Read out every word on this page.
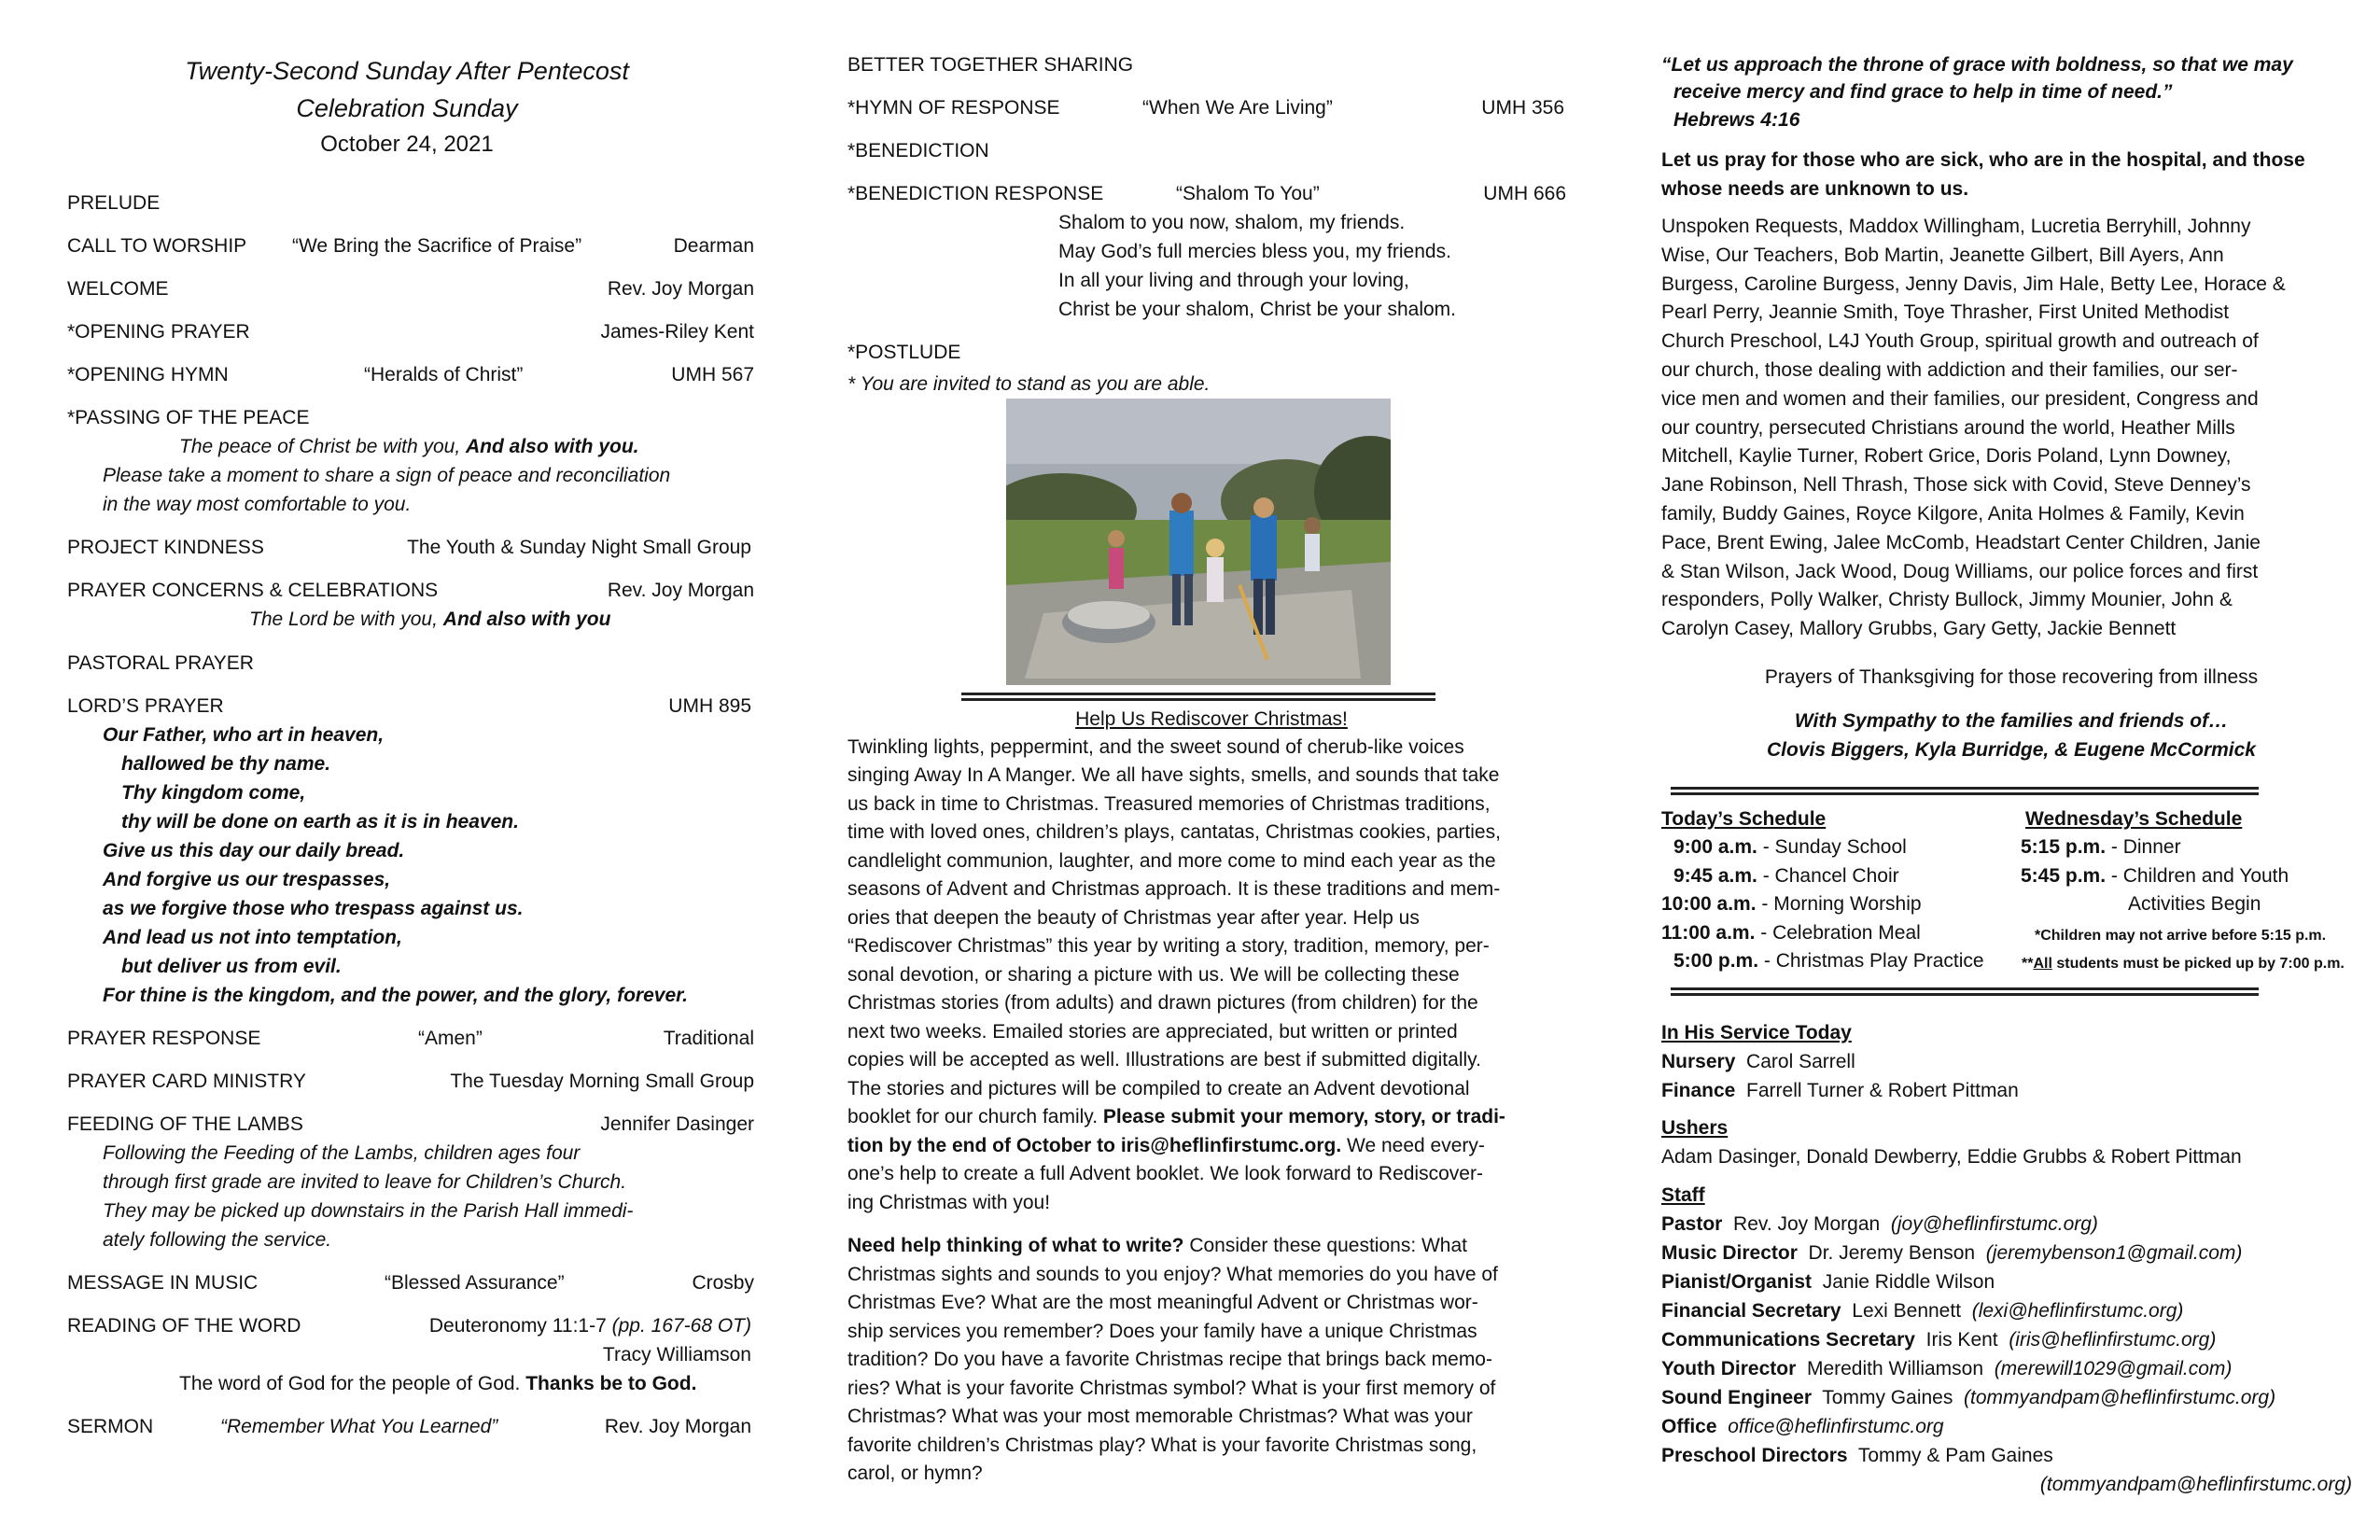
Twenty-Second Sunday After Pentecost
Celebration Sunday
October 24, 2021
PRELUDE
CALL TO WORSHIP “We Bring the Sacrifice of Praise”	Dearman
WELCOME	Rev. Joy Morgan
*OPENING PRAYER	James-Riley Kent
*OPENING HYMN	“Heralds of Christ”	UMH 567
*PASSING OF THE PEACE
The peace of Christ be with you, And also with you.
Please take a moment to share a sign of peace and reconciliation
in the way most comfortable to you.
PROJECT KINDNESS	The Youth & Sunday Night Small Group
PRAYER CONCERNS & CELEBRATIONS	Rev. Joy Morgan
The Lord be with you, And also with you
PASTORAL PRAYER
LORD’S PRAYER	UMH 895
Our Father, who art in heaven,
hallowed be thy name.
Thy kingdom come,
thy will be done on earth as it is in heaven.
Give us this day our daily bread.
And forgive us our trespasses,
as we forgive those who trespass against us.
And lead us not into temptation,
but deliver us from evil.
For thine is the kingdom, and the power, and the glory, forever.
PRAYER RESPONSE	“Amen”	Traditional
PRAYER CARD MINISTRY	The Tuesday Morning Small Group
FEEDING OF THE LAMBS	Jennifer Dasinger
Following the Feeding of the Lambs, children ages four
through first grade are invited to leave for Children’s Church.
They may be picked up downstairs in the Parish Hall immedi-
ately following the service.
MESSAGE IN MUSIC	“Blessed Assurance”	Crosby
READING OF THE WORD	Deuteronomy 11:1-7 (pp. 167-68 OT)
Tracy Williamson
The word of God for the people of God. Thanks be to God.
SERMON	“Remember What You Learned”	Rev. Joy Morgan
BETTER TOGETHER SHARING
*HYMN OF RESPONSE	“When We Are Living”	UMH 356
*BENEDICTION
*BENEDICTION RESPONSE	“Shalom To You”	UMH 666
Shalom to you now, shalom, my friends.
May God’s full mercies bless you, my friends.
In all your living and through your loving,
Christ be your shalom, Christ be your shalom.
*POSTLUDE
* You are invited to stand as you are able.
Help Us Rediscover Christmas!
Twinkling lights, peppermint, and the sweet sound of cherub-like voices
singing Away In A Manger. We all have sights, smells, and sounds that take
us back in time to Christmas. Treasured memories of Christmas traditions,
time with loved ones, children’s plays, cantatas, Christmas cookies, parties,
candlelight communion, laughter, and more come to mind each year as the
seasons of Advent and Christmas approach. It is these traditions and mem-
ories that deepen the beauty of Christmas year after year. Help us
“Rediscover Christmas” this year by writing a story, tradition, memory, per-
sonal devotion, or sharing a picture with us. We will be collecting these
Christmas stories (from adults) and drawn pictures (from children) for the
next two weeks. Emailed stories are appreciated, but written or printed
copies will be accepted as well. Illustrations are best if submitted digitally.
The stories and pictures will be compiled to create an Advent devotional
booklet for our church family. Please submit your memory, story, or tradi-
tion by the end of October to iris@heflinfirstumc.org. We need every-
one’s help to create a full Advent booklet. We look forward to Rediscover-
ing Christmas with you!
Need help thinking of what to write? Consider these questions: What
Christmas sights and sounds to you enjoy? What memories do you have of
Christmas Eve? What are the most meaningful Advent or Christmas wor-
ship services you remember? Does your family have a unique Christmas
tradition? Do you have a favorite Christmas recipe that brings back memo-
ries? What is your favorite Christmas symbol? What is your first memory of
Christmas? What was your most memorable Christmas? What was your
favorite children’s Christmas play? What is your favorite Christmas song,
carol, or hymn?
“Let us approach the throne of grace with boldness, so that we may
receive mercy and find grace to help in time of need.”
Hebrews 4:16
Let us pray for those who are sick, who are in the hospital, and those
whose needs are unknown to us.
Unspoken Requests, Maddox Willingham, Lucretia Berryhill, Johnny
Wise, Our Teachers, Bob Martin, Jeanette Gilbert, Bill Ayers, Ann
Burgess, Caroline Burgess, Jenny Davis, Jim Hale, Betty Lee, Horace &
Pearl Perry, Jeannie Smith, Toye Thrasher, First United Methodist
Church Preschool, L4J Youth Group, spiritual growth and outreach of
our church, those dealing with addiction and their families, our ser-
vice men and women and their families, our president, Congress and
our country, persecuted Christians around the world, Heather Mills
Mitchell, Kaylie Turner, Robert Grice, Doris Poland, Lynn Downey,
Jane Robinson, Nell Thrash, Those sick with Covid, Steve Denney’s
family, Buddy Gaines, Royce Kilgore, Anita Holmes & Family, Kevin
Pace, Brent Ewing, Jalee McComb, Headstart Center Children, Janie
& Stan Wilson, Jack Wood, Doug Williams, our police forces and first
responders, Polly Walker, Christy Bullock, Jimmy Mounier, John &
Carolyn Casey, Mallory Grubbs, Gary Getty, Jackie Bennett
Prayers of Thanksgiving for those recovering from illness
With Sympathy to the families and friends of…
Clovis Biggers, Kyla Burridge, & Eugene McCormick
Today’s Schedule
9:00 a.m. - Sunday School
9:45 a.m. - Chancel Choir
10:00 a.m. - Morning Worship
11:00 a.m. - Celebration Meal
5:00 p.m. - Christmas Play Practice
Wednesday’s Schedule
5:15 p.m. - Dinner
5:45 p.m. - Children and Youth
Activities Begin
*Children may not arrive before 5:15 p.m.
**All students must be picked up by 7:00 p.m.
In His Service Today
Nursery  Carol Sarrell
Finance  Farrell Turner & Robert Pittman
Ushers
Adam Dasinger, Donald Dewberry, Eddie Grubbs & Robert Pittman
Staff
Pastor  Rev. Joy Morgan  (joy@heflinfirstumc.org)
Music Director  Dr. Jeremy Benson  (jeremybenson1@gmail.com)
Pianist/Organist  Janie Riddle Wilson
Financial Secretary  Lexi Bennett  (lexi@heflinfirstumc.org)
Communications Secretary  Iris Kent  (iris@heflinfirstumc.org)
Youth Director  Meredith Williamson  (merewill1029@gmail.com)
Sound Engineer  Tommy Gaines  (tommyandpam@heflinfirstumc.org)
Office office@heflinfirstumc.org
Preschool Directors  Tommy & Pam Gaines
(tommyandpam@heflinfirstumc.org)
